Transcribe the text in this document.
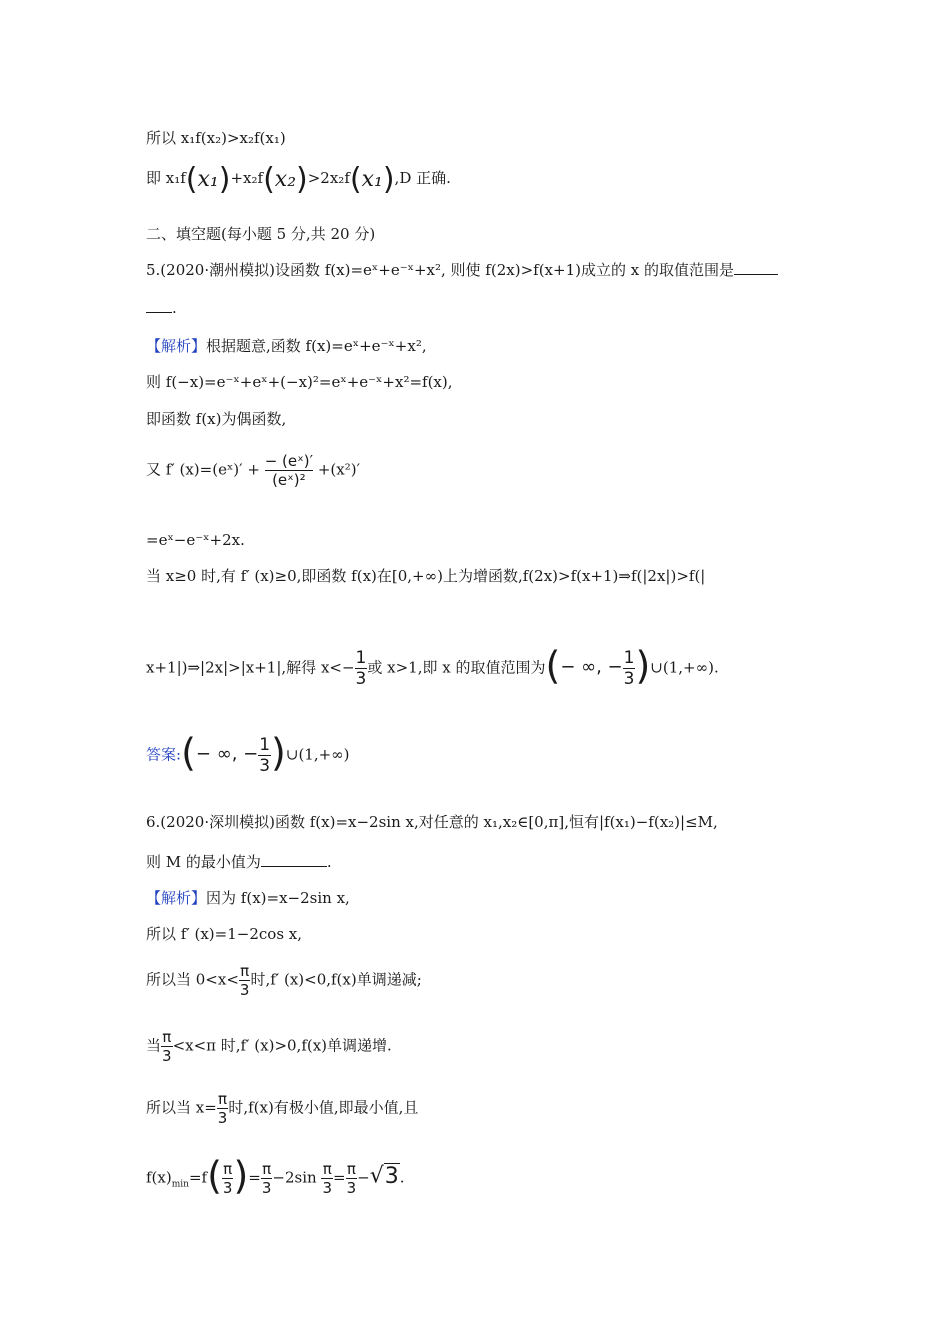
所以 x₁f(x₂)>x₂f(x₁)
即 x₁f(x₁)+x₂f(x₂)>2x₂f(x₁),D 正确.
二、填空题(每小题 5 分,共 20 分)
5.(2020·潮州模拟)设函数 f(x)=eˣ+e⁻ˣ+x², 则使 f(2x)>f(x+1)成立的 x 的取值范围是
.
【解析】根据题意,函数 f(x)=eˣ+e⁻ˣ+x²,
则 f(−x)=e⁻ˣ+eˣ+(−x)²=eˣ+e⁻ˣ+x²=f(x),
即函数 f(x)为偶函数,
又 f′ (x)=(eˣ)′ + $\frac{\text{− (eˣ)′}}{\text{(eˣ)²}} +(x^2)'$
=eˣ−e⁻ˣ+2x.
当 x≥0 时,有 f′ (x)≥0,即函数 f(x)在[0,+∞)上为增函数,f(2x)>f(x+1)⇒f(|2x|)>f(|
x+1|)⇒|2x|>|x+1|,解得 $x<- \frac{1}{3}$ 或 x>1,即 x 的取值范围为(− ∞, − $\frac{1}{3}$ )∪(1,+∞).
答案:(− ∞, − $\frac{1}{3}$ )∪(1,+∞)
6.(2020·深圳模拟)函数 f(x)=x−2sin x,对任意的 x₁,x₂∈[0,π],恒有|f(x₁)−f(x₂)|≤M,
则 M 的最小值为	.
【解析】因为 f(x)=x−2sin x,
所以 f′ (x)=1−2cos x,
所以当 $0<x< \frac{\pi}{3}$ 时,f′ (x)<0,f(x)单调递减;
当 $\frac{\pi}{3} <x<\pi$ 时,f′ (x)>0,f(x)单调递增.
所以当 $x= \frac{\pi}{3}$ 时,f(x)有极小值,即最小值,且
$f(x)_{min}=f( \frac{\pi}{3}$ )= $\frac{\pi}{3} -2\sin \frac{\pi}{3} = \frac{\pi}{3} -√3$.
